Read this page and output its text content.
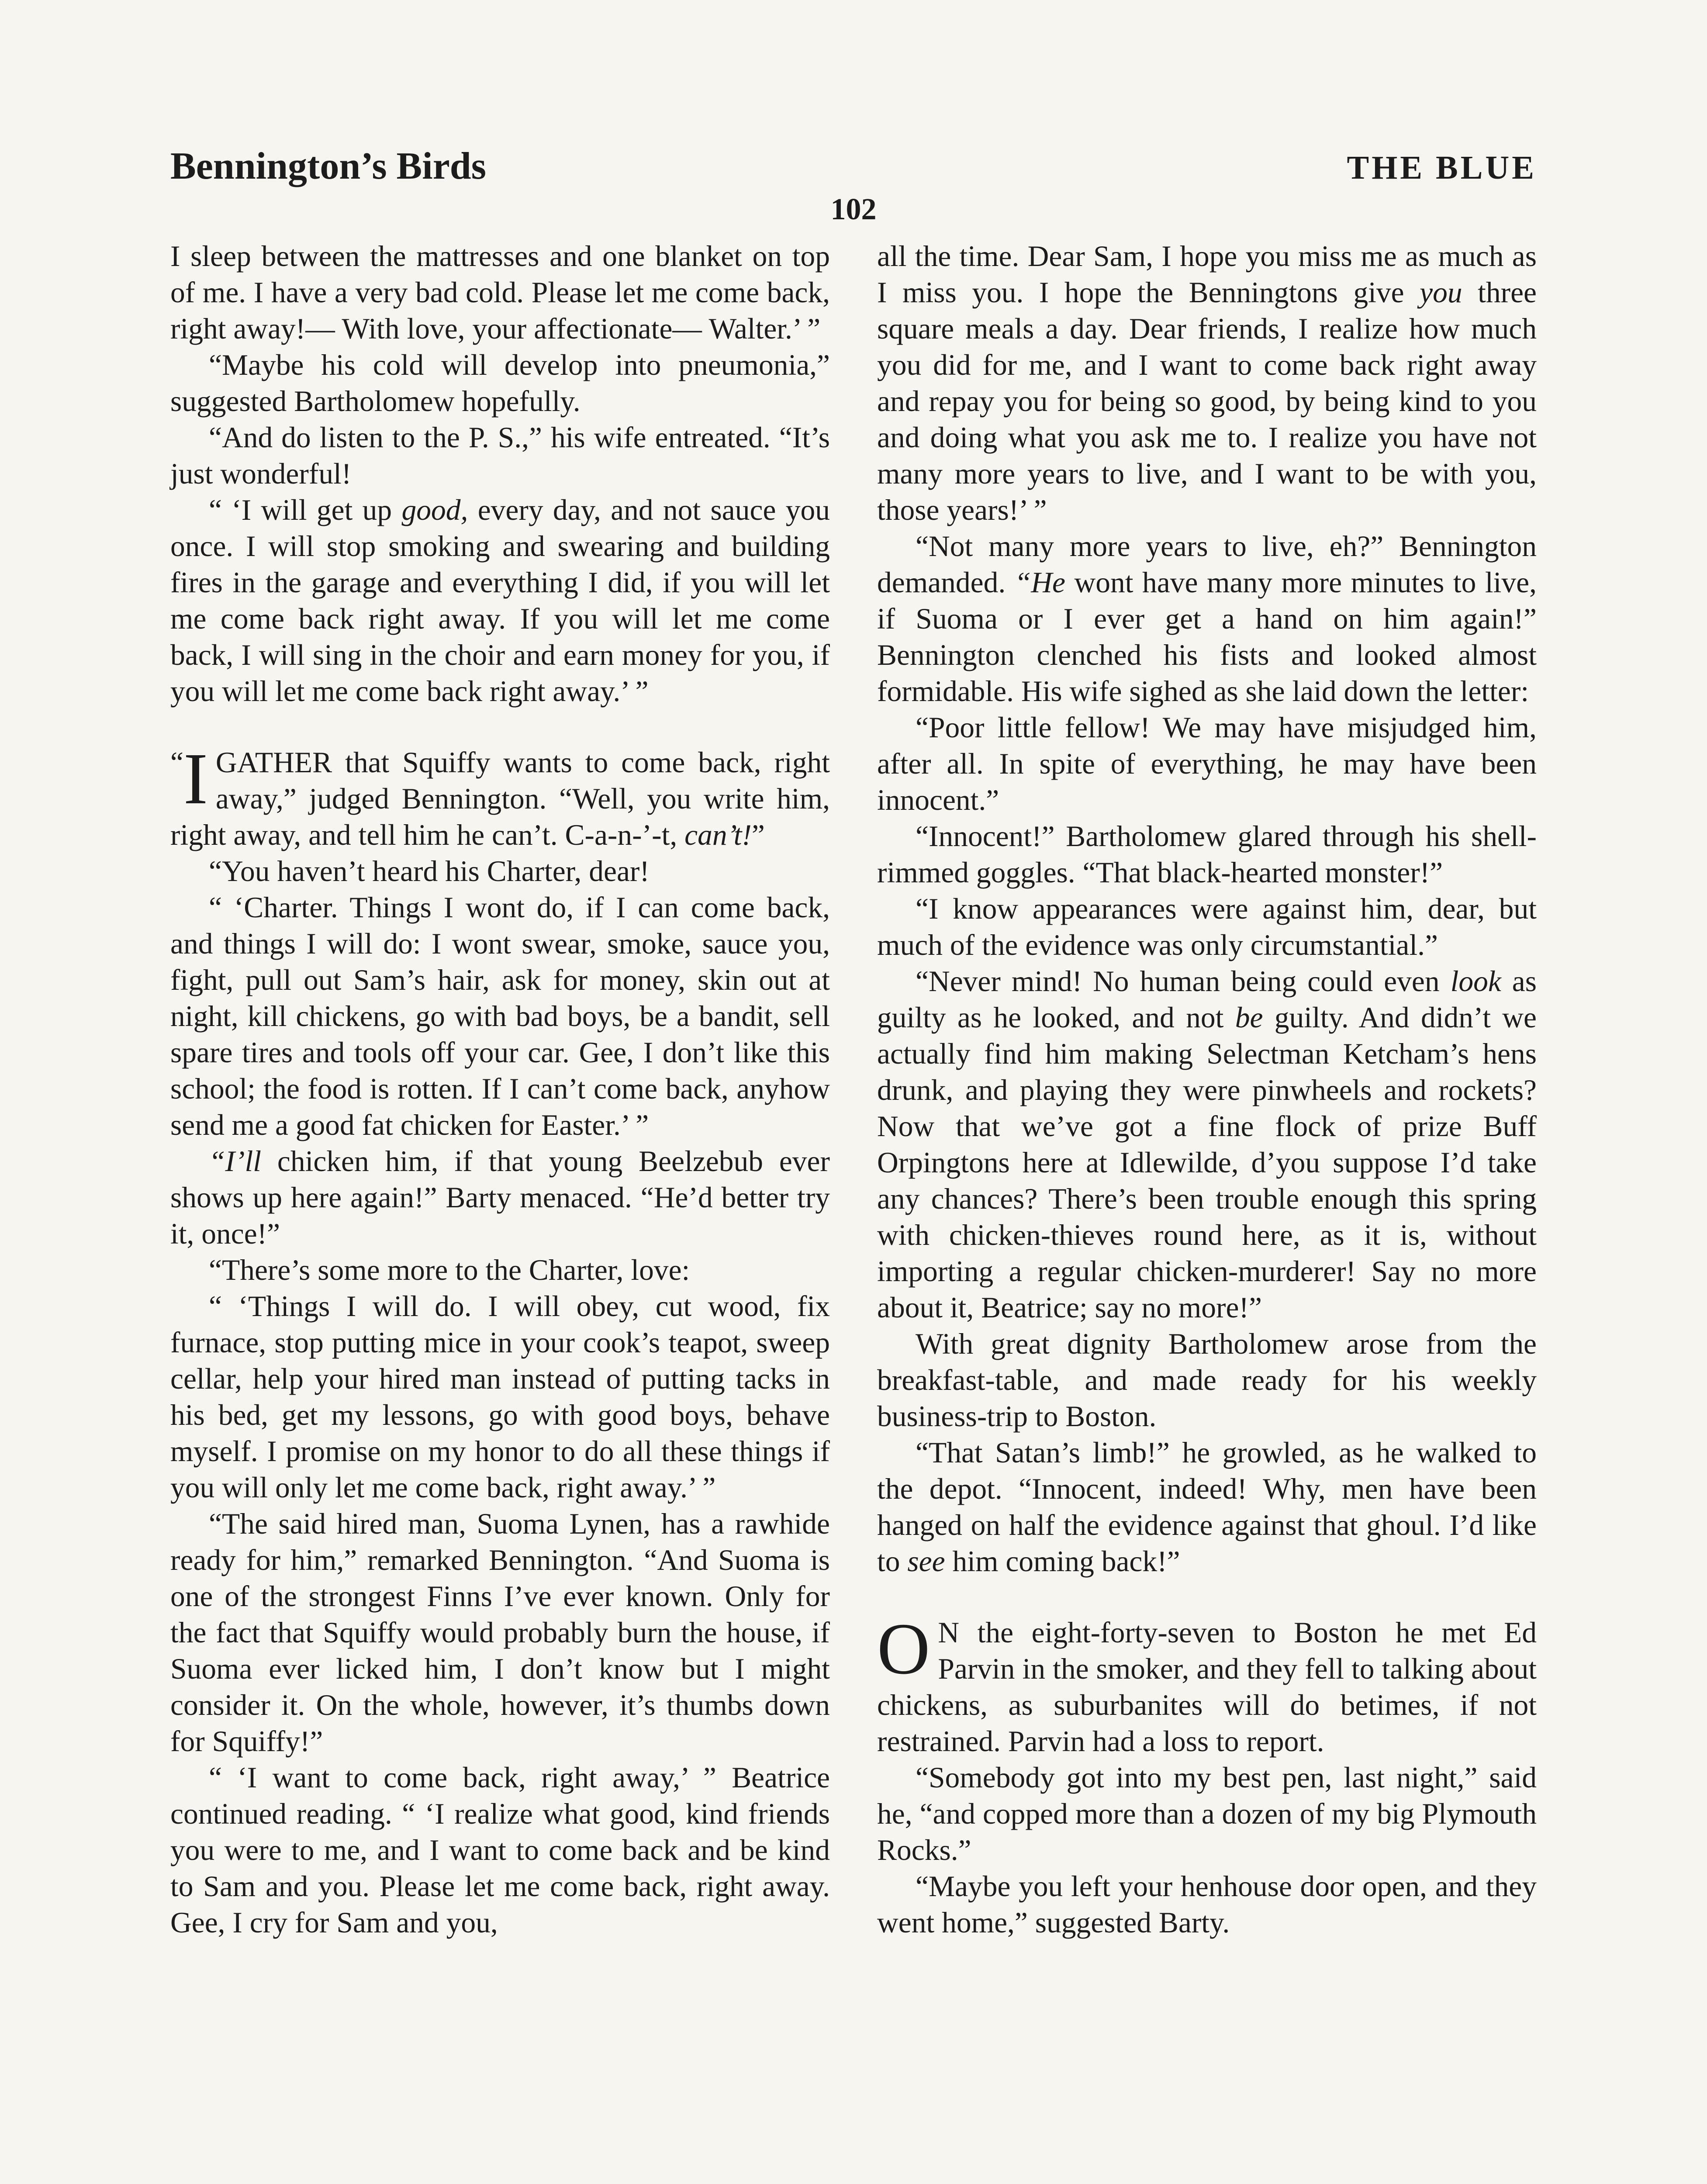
Bennington’s Birds	THE BLUE
102

I sleep between the mattresses and one blanket on top of me. I have a very bad cold. Please let me come back, right away!— With love, your affectionate— Walter.’ ”

“Maybe his cold will develop into pneumonia,” suggested Bartholomew hopefully.

“And do listen to the P. S.,” his wife entreated. “It’s just wonderful!

“ ‘I will get up good, every day, and not sauce you once. I will stop smoking and swearing and building fires in the garage and everything I did, if you will let me come back right away. If you will let me come back, I will sing in the choir and earn money for you, if you will let me come back right away.’ ”

“ I GATHER that Squiffy wants to come back, right away,” judged Bennington. “Well, you write him, right away, and tell him he can’t. C-a-n-’-t, can’t!”

“You haven’t heard his Charter, dear!

“ ‘Charter. Things I wont do, if I can come back, and things I will do: I wont swear, smoke, sauce you, fight, pull out Sam’s hair, ask for money, skin out at night, kill chickens, go with bad boys, be a bandit, sell spare tires and tools off your car. Gee, I don’t like this school; the food is rotten. If I can’t come back, anyhow send me a good fat chicken for Easter.’ ”

“I’ll chicken him, if that young Beelzebub ever shows up here again!” Barty menaced. “He’d better try it, once!”

“There’s some more to the Charter, love:

“ ‘Things I will do. I will obey, cut wood, fix furnace, stop putting mice in your cook’s teapot, sweep cellar, help your hired man instead of putting tacks in his bed, get my lessons, go with good boys, behave myself. I promise on my honor to do all these things if you will only let me come back, right away.’ ”

“The said hired man, Suoma Lynen, has a rawhide ready for him,” remarked Bennington. “And Suoma is one of the strongest Finns I’ve ever known. Only for the fact that Squiffy would probably burn the house, if Suoma ever licked him, I don’t know but I might consider it. On the whole, however, it’s thumbs down for Squiffy!”

“ ‘I want to come back, right away,’ ” Beatrice continued reading. “ ‘I realize what good, kind friends you were to me, and I want to come back and be kind to Sam and you. Please let me come back, right away. Gee, I cry for Sam and you,

all the time. Dear Sam, I hope you miss me as much as I miss you. I hope the Benningtons give you three square meals a day. Dear friends, I realize how much you did for me, and I want to come back right away and repay you for being so good, by being kind to you and doing what you ask me to. I realize you have not many more years to live, and I want to be with you, those years!’ ”

“Not many more years to live, eh?” Bennington demanded. “He wont have many more minutes to live, if Suoma or I ever get a hand on him again!” Bennington clenched his fists and looked almost formidable. His wife sighed as she laid down the letter:

“Poor little fellow! We may have misjudged him, after all. In spite of everything, he may have been innocent.”

“Innocent!” Bartholomew glared through his shell-rimmed goggles. “That black-hearted monster!”

“I know appearances were against him, dear, but much of the evidence was only circumstantial.”

“Never mind! No human being could even look as guilty as he looked, and not be guilty. And didn’t we actually find him making Selectman Ketcham’s hens drunk, and playing they were pinwheels and rockets? Now that we’ve got a fine flock of prize Buff Orpingtons here at Idlewilde, d’you suppose I’d take any chances? There’s been trouble enough this spring with chicken-thieves round here, as it is, without importing a regular chicken-murderer! Say no more about it, Beatrice; say no more!”

With great dignity Bartholomew arose from the breakfast-table, and made ready for his weekly business-trip to Boston.

“That Satan’s limb!” he growled, as he walked to the depot. “Innocent, indeed! Why, men have been hanged on half the evidence against that ghoul. I’d like to see him coming back!”

O N the eight-forty-seven to Boston he met Ed Parvin in the smoker, and they fell to talking about chickens, as suburbanites will do betimes, if not restrained. Parvin had a loss to report.

“Somebody got into my best pen, last night,” said he, “and copped more than a dozen of my big Plymouth Rocks.”

“Maybe you left your henhouse door open, and they went home,” suggested Barty.
